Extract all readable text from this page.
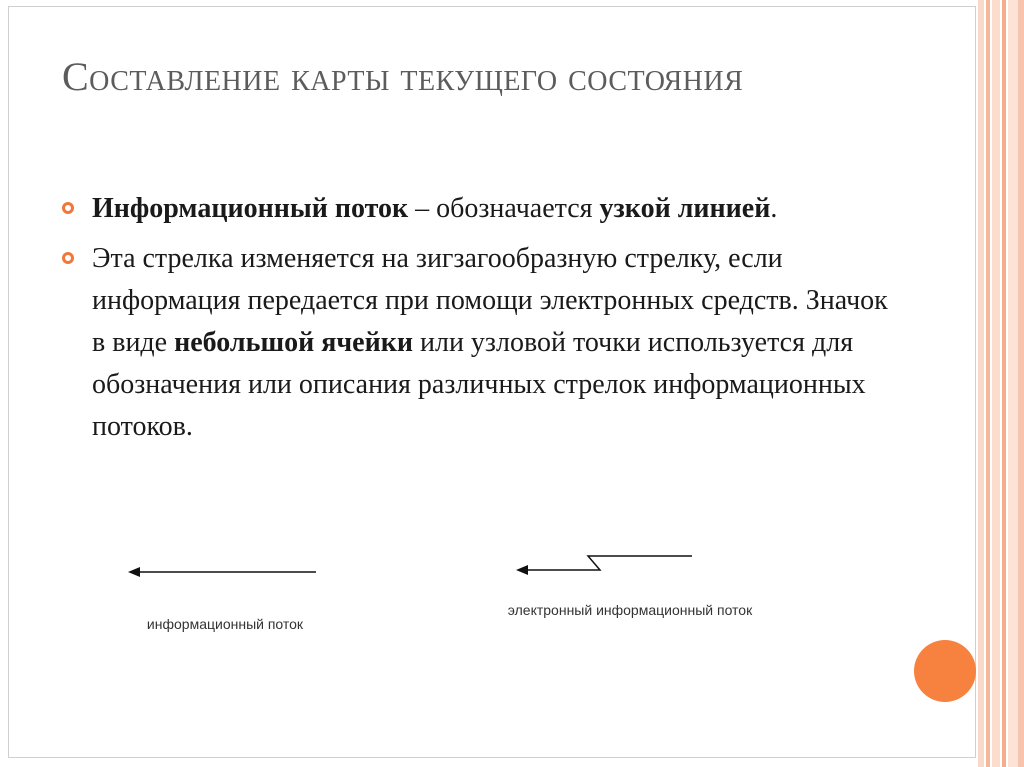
Составление карты текущего состояния
Информационный поток – обозначается узкой линией.
Эта стрелка изменяется на зигзагообразную стрелку, если информация передается при помощи электронных средств. Значок в виде небольшой ячейки или узловой точки используется для обозначения или описания различных стрелок информационных потоков.
информационный поток
электронный информационный поток
